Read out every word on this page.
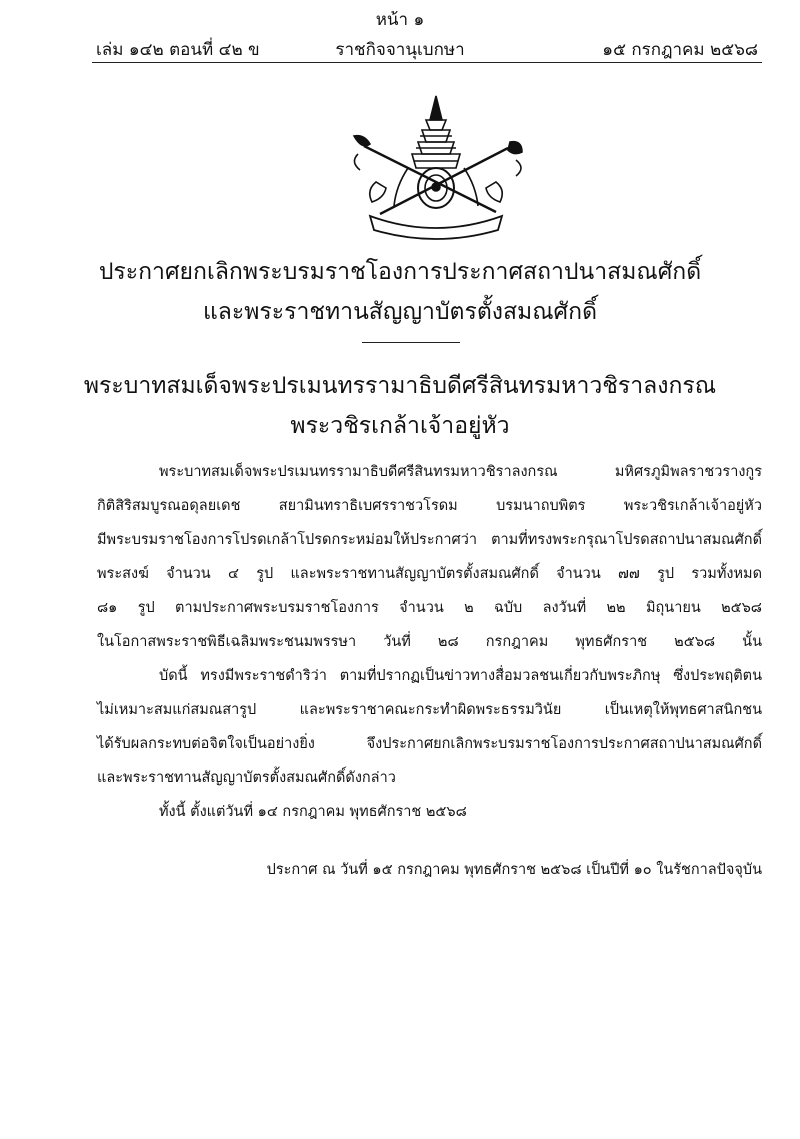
หน้า ๑
เล่ม ๑๔๒ ตอนที่ ๔๒ ข	ราชกิจจานุเบกษา	๑๕ กรกฎาคม ๒๕๖๘
ประกาศยกเลิกพระบรมราชโองการประกาศสถาปนาสมณศักดิ์
และพระราชทานสัญญาบัตรตั้งสมณศักดิ์
พระบาทสมเด็จพระปรเมนทรรามาธิบดีศรีสินทรมหาวชิราลงกรณ
พระวชิรเกล้าเจ้าอยู่หัว
พระบาทสมเด็จพระปรเมนทรรามาธิบดีศรีสินทรมหาวชิราลงกรณ มหิศรภูมิพลราชวรางกูร
กิติสิริสมบูรณอดุลยเดช สยามินทราธิเบศรราชวโรดม บรมนาถบพิตร พระวชิรเกล้าเจ้าอยู่หัว
มีพระบรมราชโองการโปรดเกล้าโปรดกระหม่อมให้ประกาศว่า ตามที่ทรงพระกรุณาโปรดสถาปนาสมณศักดิ์
พระสงฆ์ จำนวน ๔ รูป และพระราชทานสัญญาบัตรตั้งสมณศักดิ์ จำนวน ๗๗ รูป รวมทั้งหมด
๘๑ รูป ตามประกาศพระบรมราชโองการ จำนวน ๒ ฉบับ ลงวันที่ ๒๒ มิถุนายน ๒๕๖๘
ในโอกาสพระราชพิธีเฉลิมพระชนมพรรษา วันที่ ๒๘ กรกฎาคม พุทธศักราช ๒๕๖๘ นั้น
บัดนี้ ทรงมีพระราชดำริว่า ตามที่ปรากฏเป็นข่าวทางสื่อมวลชนเกี่ยวกับพระภิกษุ ซึ่งประพฤติตน
ไม่เหมาะสมแก่สมณสารูป และพระราชาคณะกระทำผิดพระธรรมวินัย เป็นเหตุให้พุทธศาสนิกชน
ได้รับผลกระทบต่อจิตใจเป็นอย่างยิ่ง จึงประกาศยกเลิกพระบรมราชโองการประกาศสถาปนาสมณศักดิ์
และพระราชทานสัญญาบัตรตั้งสมณศักดิ์ดังกล่าว
ทั้งนี้ ตั้งแต่วันที่ ๑๔ กรกฎาคม พุทธศักราช ๒๕๖๘
ประกาศ ณ วันที่ ๑๕ กรกฎาคม พุทธศักราช ๒๕๖๘ เป็นปีที่ ๑๐ ในรัชกาลปัจจุบัน
